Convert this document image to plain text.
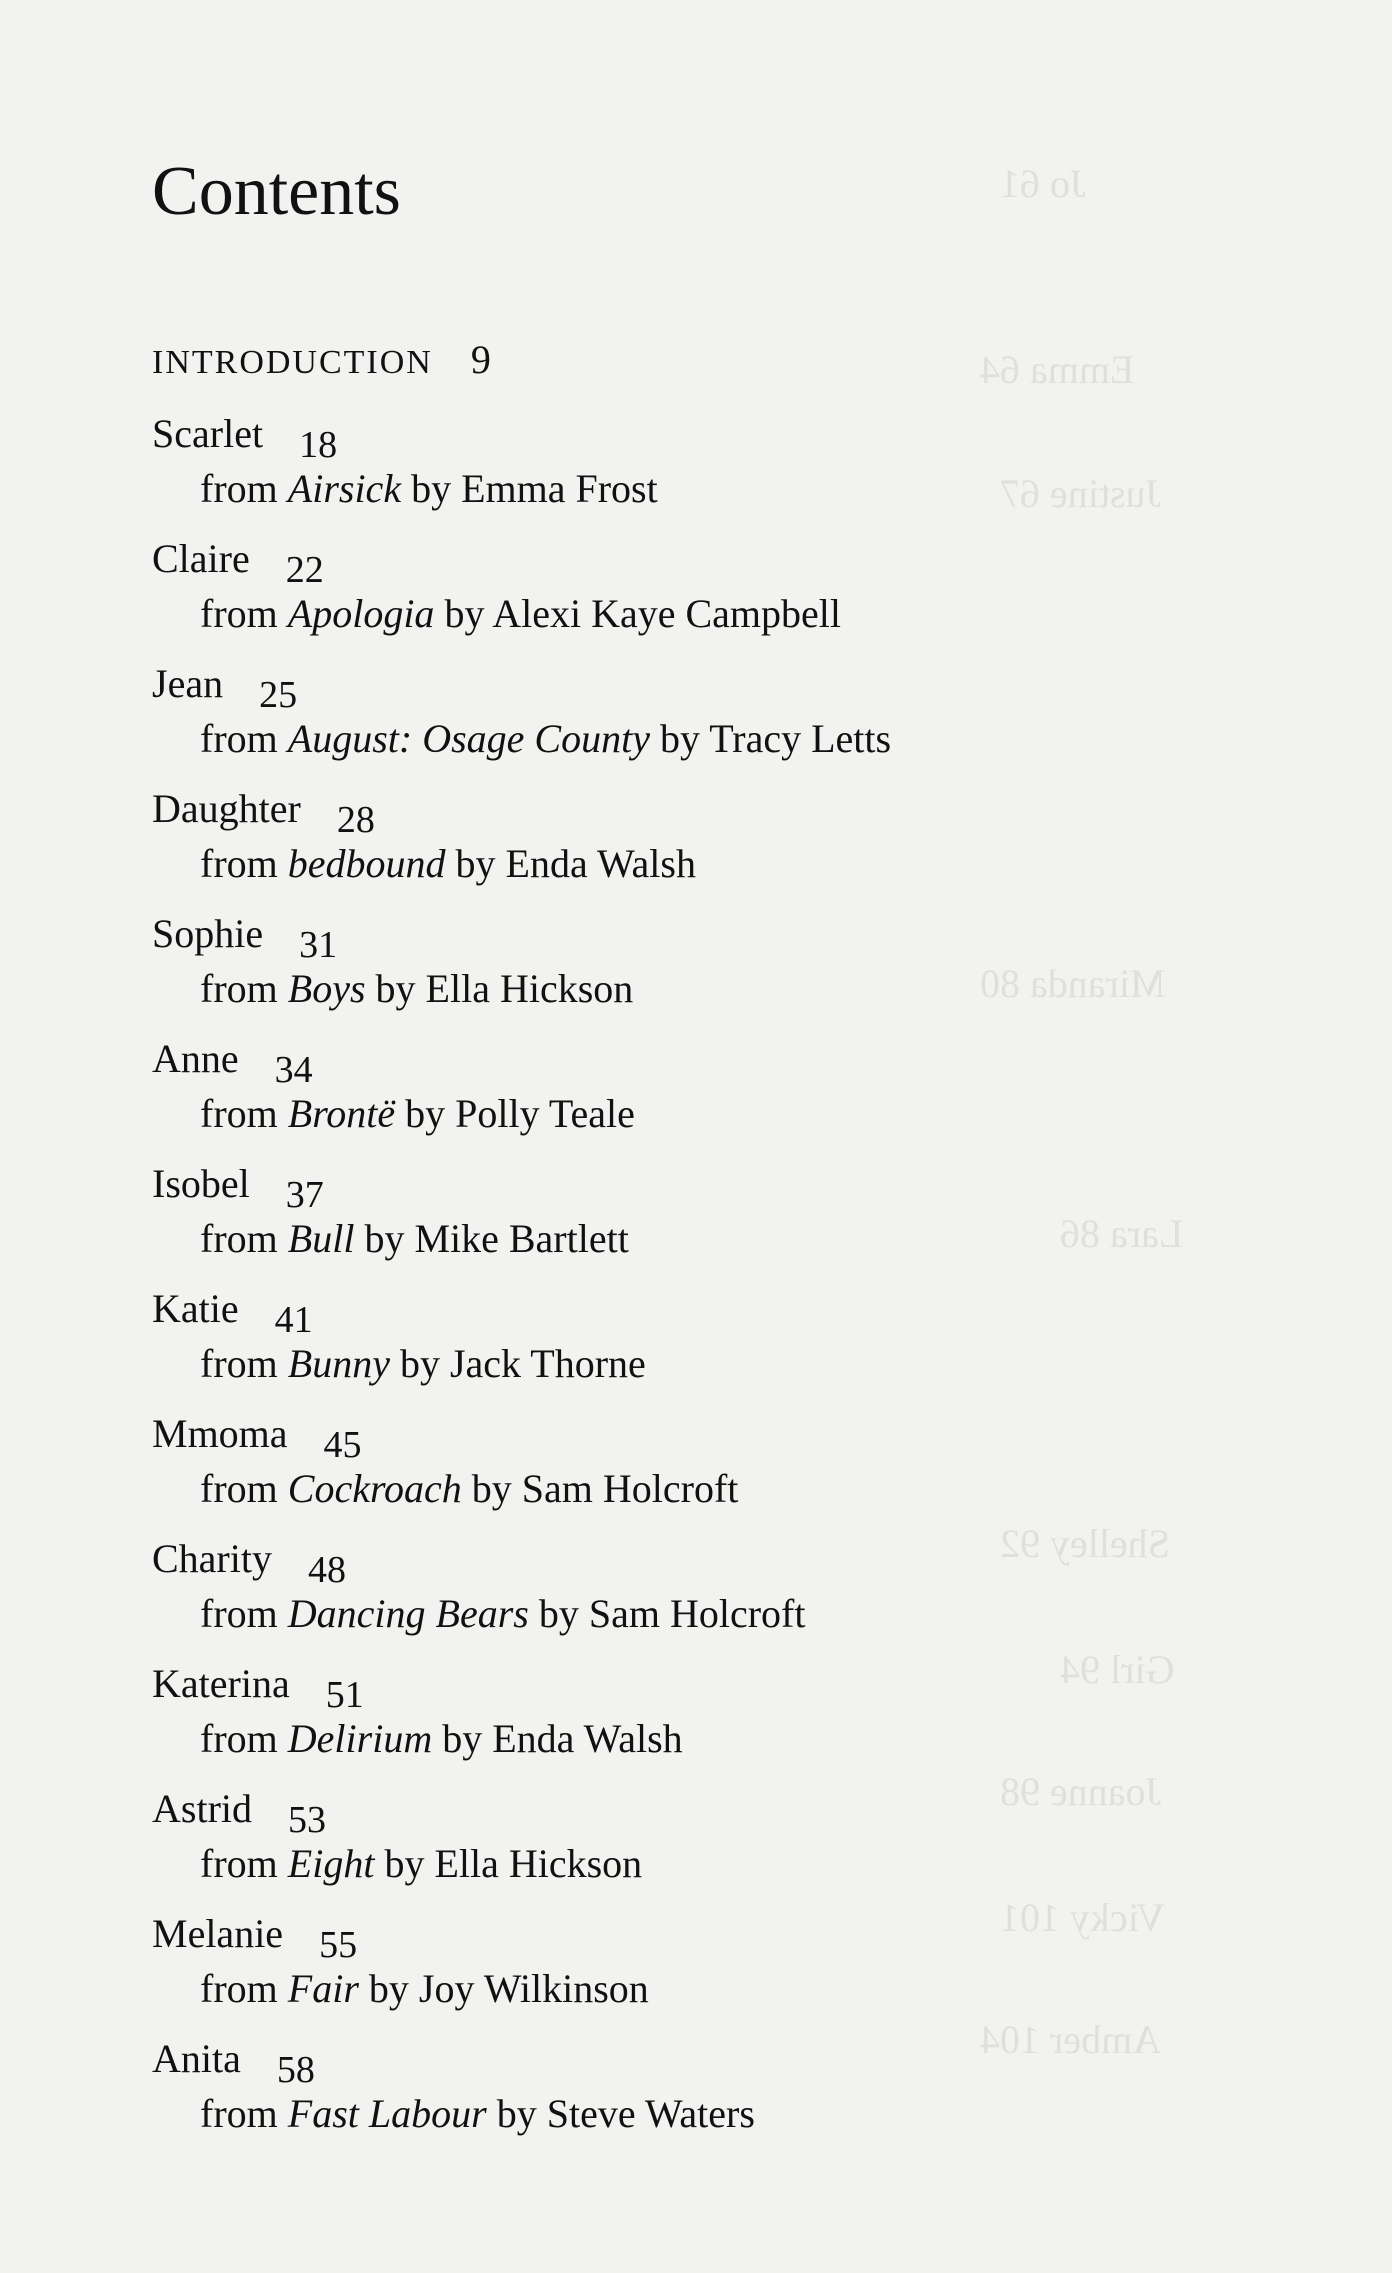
Jo 61
Emma 64
Justine 67
Miranda 80
Lara 86
Shelley 92
Girl 94
Joanne 98
Vicky 101
Amber 104
Contents
INTRODUCTION 9
Scarlet 18
from Airsick by Emma Frost
Claire 22
from Apologia by Alexi Kaye Campbell
Jean 25
from August: Osage County by Tracy Letts
Daughter 28
from bedbound by Enda Walsh
Sophie 31
from Boys by Ella Hickson
Anne 34
from Brontë by Polly Teale
Isobel 37
from Bull by Mike Bartlett
Katie 41
from Bunny by Jack Thorne
Mmoma 45
from Cockroach by Sam Holcroft
Charity 48
from Dancing Bears by Sam Holcroft
Katerina 51
from Delirium by Enda Walsh
Astrid 53
from Eight by Ella Hickson
Melanie 55
from Fair by Joy Wilkinson
Anita 58
from Fast Labour by Steve Waters
